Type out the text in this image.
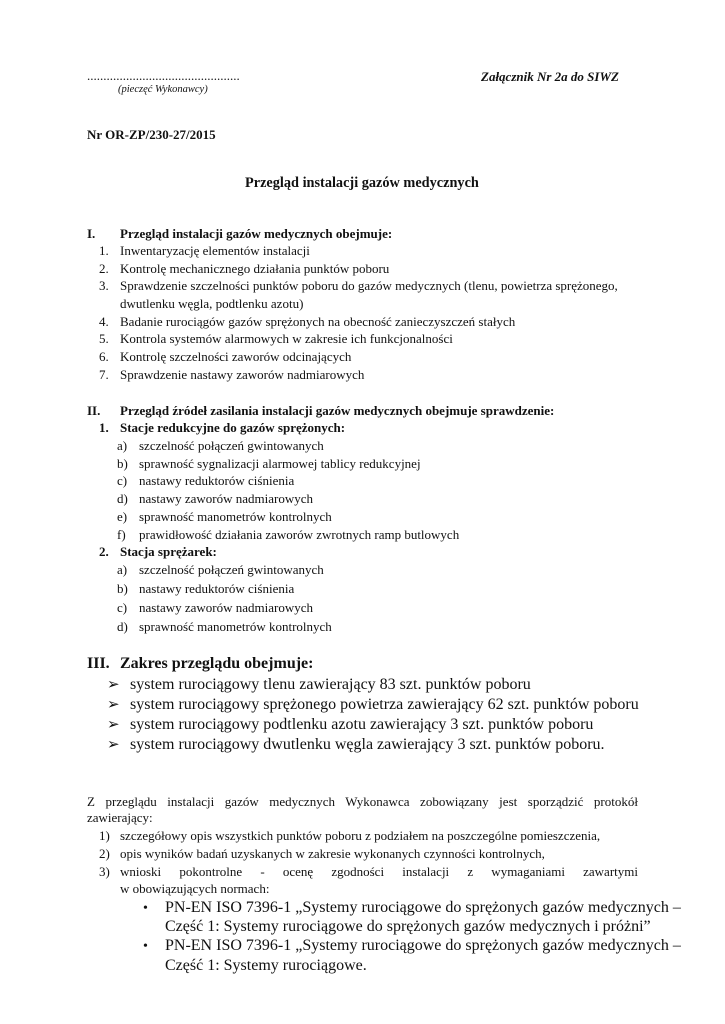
...............................................
(pieczęć Wykonawcy)
Załącznik Nr 2a do SIWZ
Nr OR-ZP/230-27/2015
Przegląd instalacji gazów medycznych
I. Przegląd instalacji gazów medycznych obejmuje:
1. Inwentaryzację elementów instalacji
2. Kontrolę mechanicznego działania punktów poboru
3. Sprawdzenie szczelności punktów poboru do gazów medycznych (tlenu, powietrza sprężonego,
dwutlenku węgla, podtlenku azotu)
4. Badanie rurociągów gazów sprężonych na obecność zanieczyszczeń stałych
5. Kontrola systemów alarmowych w zakresie ich funkcjonalności
6. Kontrolę szczelności zaworów odcinających
7. Sprawdzenie nastawy zaworów nadmiarowych
II. Przegląd źródeł zasilania instalacji gazów medycznych obejmuje sprawdzenie:
1. Stacje redukcyjne do gazów sprężonych:
a) szczelność połączeń gwintowanych
b) sprawność sygnalizacji alarmowej tablicy redukcyjnej
c) nastawy reduktorów ciśnienia
d) nastawy zaworów nadmiarowych
e) sprawność manometrów kontrolnych
f) prawidłowość działania zaworów zwrotnych ramp butlowych
2. Stacja sprężarek:
a) szczelność połączeń gwintowanych
b) nastawy reduktorów ciśnienia
c) nastawy zaworów nadmiarowych
d) sprawność manometrów kontrolnych
III. Zakres przeglądu obejmuje:
➢ system rurociągowy tlenu zawierający 83 szt. punktów poboru
➢ system rurociągowy sprężonego powietrza zawierający 62 szt. punktów poboru
➢ system rurociągowy podtlenku azotu zawierający 3 szt. punktów poboru
➢ system rurociągowy dwutlenku węgla zawierający 3 szt. punktów poboru.
Z przeglądu instalacji gazów medycznych Wykonawca zobowiązany jest sporządzić protokół
zawierający:
1) szczegółowy opis wszystkich punktów poboru z podziałem na poszczególne pomieszczenia,
2) opis wyników badań uzyskanych w zakresie wykonanych czynności kontrolnych,
3) wnioski pokontrolne - ocenę zgodności instalacji z wymaganiami zawartymi
w obowiązujących normach:
• PN-EN ISO 7396-1 „Systemy rurociągowe do sprężonych gazów medycznych –
Część 1: Systemy rurociągowe do sprężonych gazów medycznych i próżni”
• PN-EN ISO 7396-1 „Systemy rurociągowe do sprężonych gazów medycznych –
Część 1: Systemy rurociągowe.
